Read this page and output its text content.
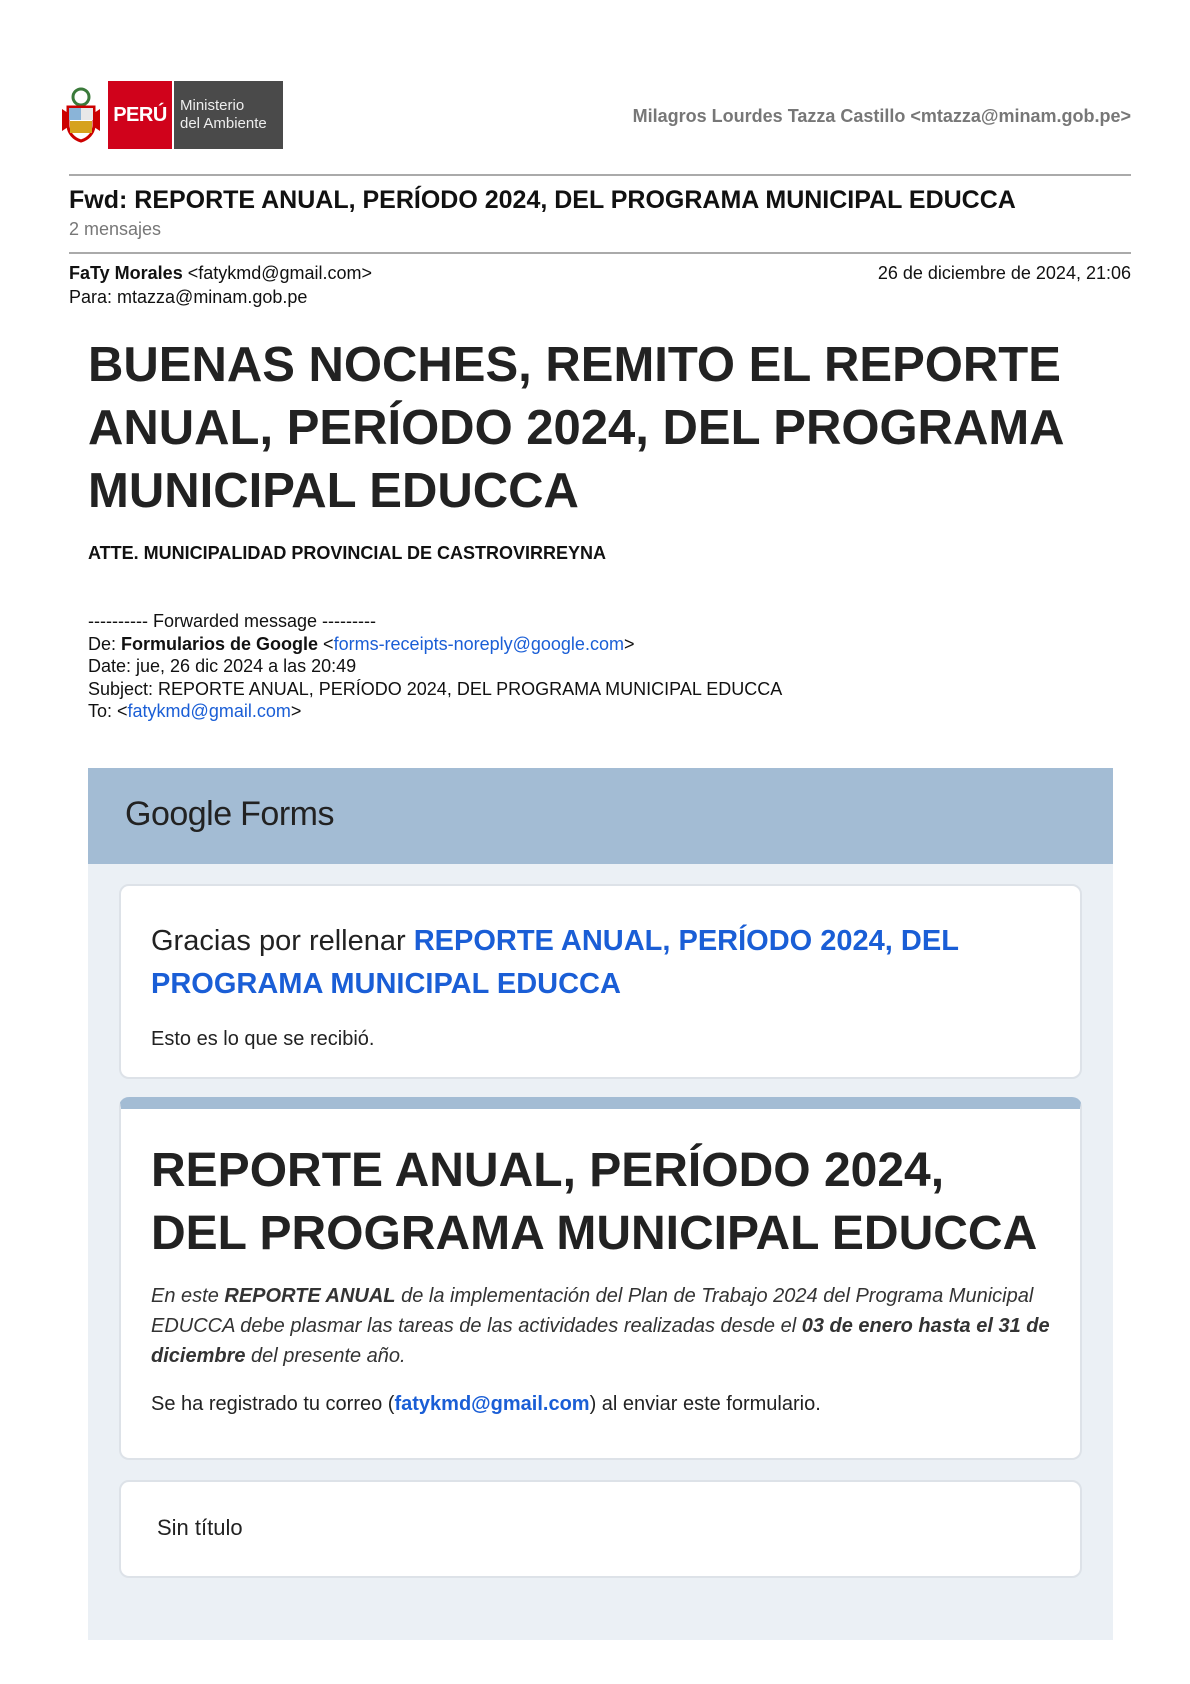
PERÚ Ministerio
del Ambiente	Milagros Lourdes Tazza Castillo <mtazza@minam.gob.pe>
Fwd: REPORTE ANUAL, PERÍODO 2024, DEL PROGRAMA MUNICIPAL EDUCCA
2 mensajes
FaTy Morales <fatykmd@gmail.com>
Para: mtazza@minam.gob.pe
26 de diciembre de 2024, 21:06
BUENAS NOCHES, REMITO EL REPORTE ANUAL, PERÍODO 2024, DEL PROGRAMA MUNICIPAL EDUCCA
ATTE. MUNICIPALIDAD PROVINCIAL DE CASTROVIRREYNA
---------- Forwarded message ---------
De: Formularios de Google <forms-receipts-noreply@google.com>
Date: jue, 26 dic 2024 a las 20:49
Subject: REPORTE ANUAL, PERÍODO 2024, DEL PROGRAMA MUNICIPAL EDUCCA
To: <fatykmd@gmail.com>
Google Forms
Gracias por rellenar REPORTE ANUAL, PERÍODO 2024, DEL PROGRAMA MUNICIPAL EDUCCA
Esto es lo que se recibió.
REPORTE ANUAL, PERÍODO 2024, DEL PROGRAMA MUNICIPAL EDUCCA
En este REPORTE ANUAL de la implementación del Plan de Trabajo 2024 del Programa Municipal EDUCCA debe plasmar las tareas de las actividades realizadas desde el 03 de enero hasta el 31 de diciembre del presente año.
Se ha registrado tu correo (fatykmd@gmail.com) al enviar este formulario.
Sin título
